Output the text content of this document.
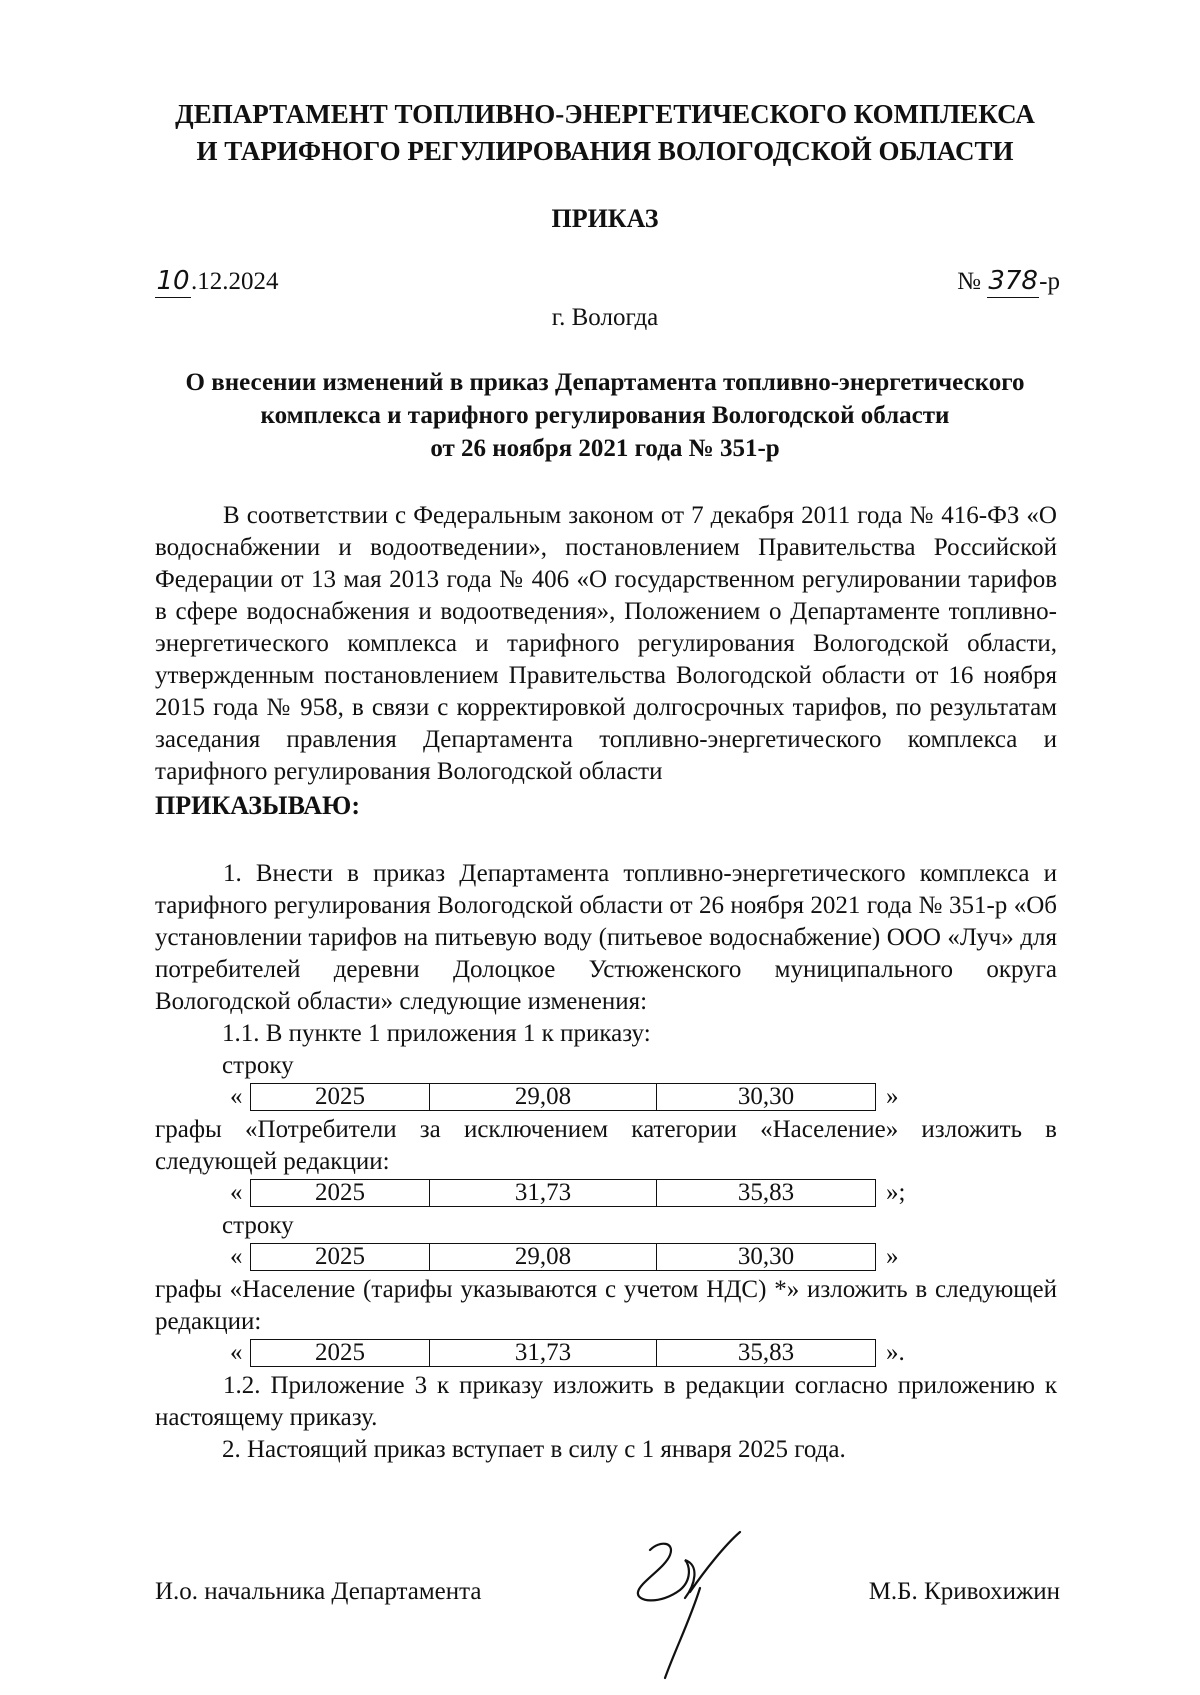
ДЕПАРТАМЕНТ ТОПЛИВНО-ЭНЕРГЕТИЧЕСКОГО КОМПЛЕКСА
И ТАРИФНОГО РЕГУЛИРОВАНИЯ ВОЛОГОДСКОЙ ОБЛАСТИ
ПРИКАЗ
10.12.2024	№ 378-р
г. Вологда
О внесении изменений в приказ Департамента топливно-энергетического
комплекса и тарифного регулирования Вологодской области
от 26 ноября 2021 года № 351-р
В соответствии с Федеральным законом от 7 декабря 2011 года № 416-ФЗ «О водоснабжении и водоотведении», постановлением Правительства Российской Федерации от 13 мая 2013 года № 406 «О государственном регулировании тарифов в сфере водоснабжения и водоотведения», Положением о Департаменте топливно-энергетического комплекса и тарифного регулирования Вологодской области, утвержденным постановлением Правительства Вологодской области от 16 ноября 2015 года № 958, в связи с корректировкой долгосрочных тарифов, по результатам заседания правления Департамента топливно-энергетического комплекса и тарифного регулирования Вологодской области
ПРИКАЗЫВАЮ:
1. Внести в приказ Департамента топливно-энергетического комплекса и тарифного регулирования Вологодской области от 26 ноября 2021 года № 351-р «Об установлении тарифов на питьевую воду (питьевое водоснабжение) ООО «Луч» для потребителей деревни Долоцкое Устюженского муниципального округа Вологодской области» следующие изменения:
1.1. В пункте 1 приложения 1 к приказу:
строку
«	2025	29,08	30,30	»
графы «Потребители за исключением категории «Население» изложить в следующей редакции:
«	2025	31,73	35,83	»;
строку
«	2025	29,08	30,30	»
графы «Население (тарифы указываются с учетом НДС) *» изложить в следующей редакции:
«	2025	31,73	35,83	».
1.2. Приложение 3 к приказу изложить в редакции согласно приложению к настоящему приказу.
2. Настоящий приказ вступает в силу с 1 января 2025 года.
И.о. начальника Департамента	М.Б. Кривохижин
